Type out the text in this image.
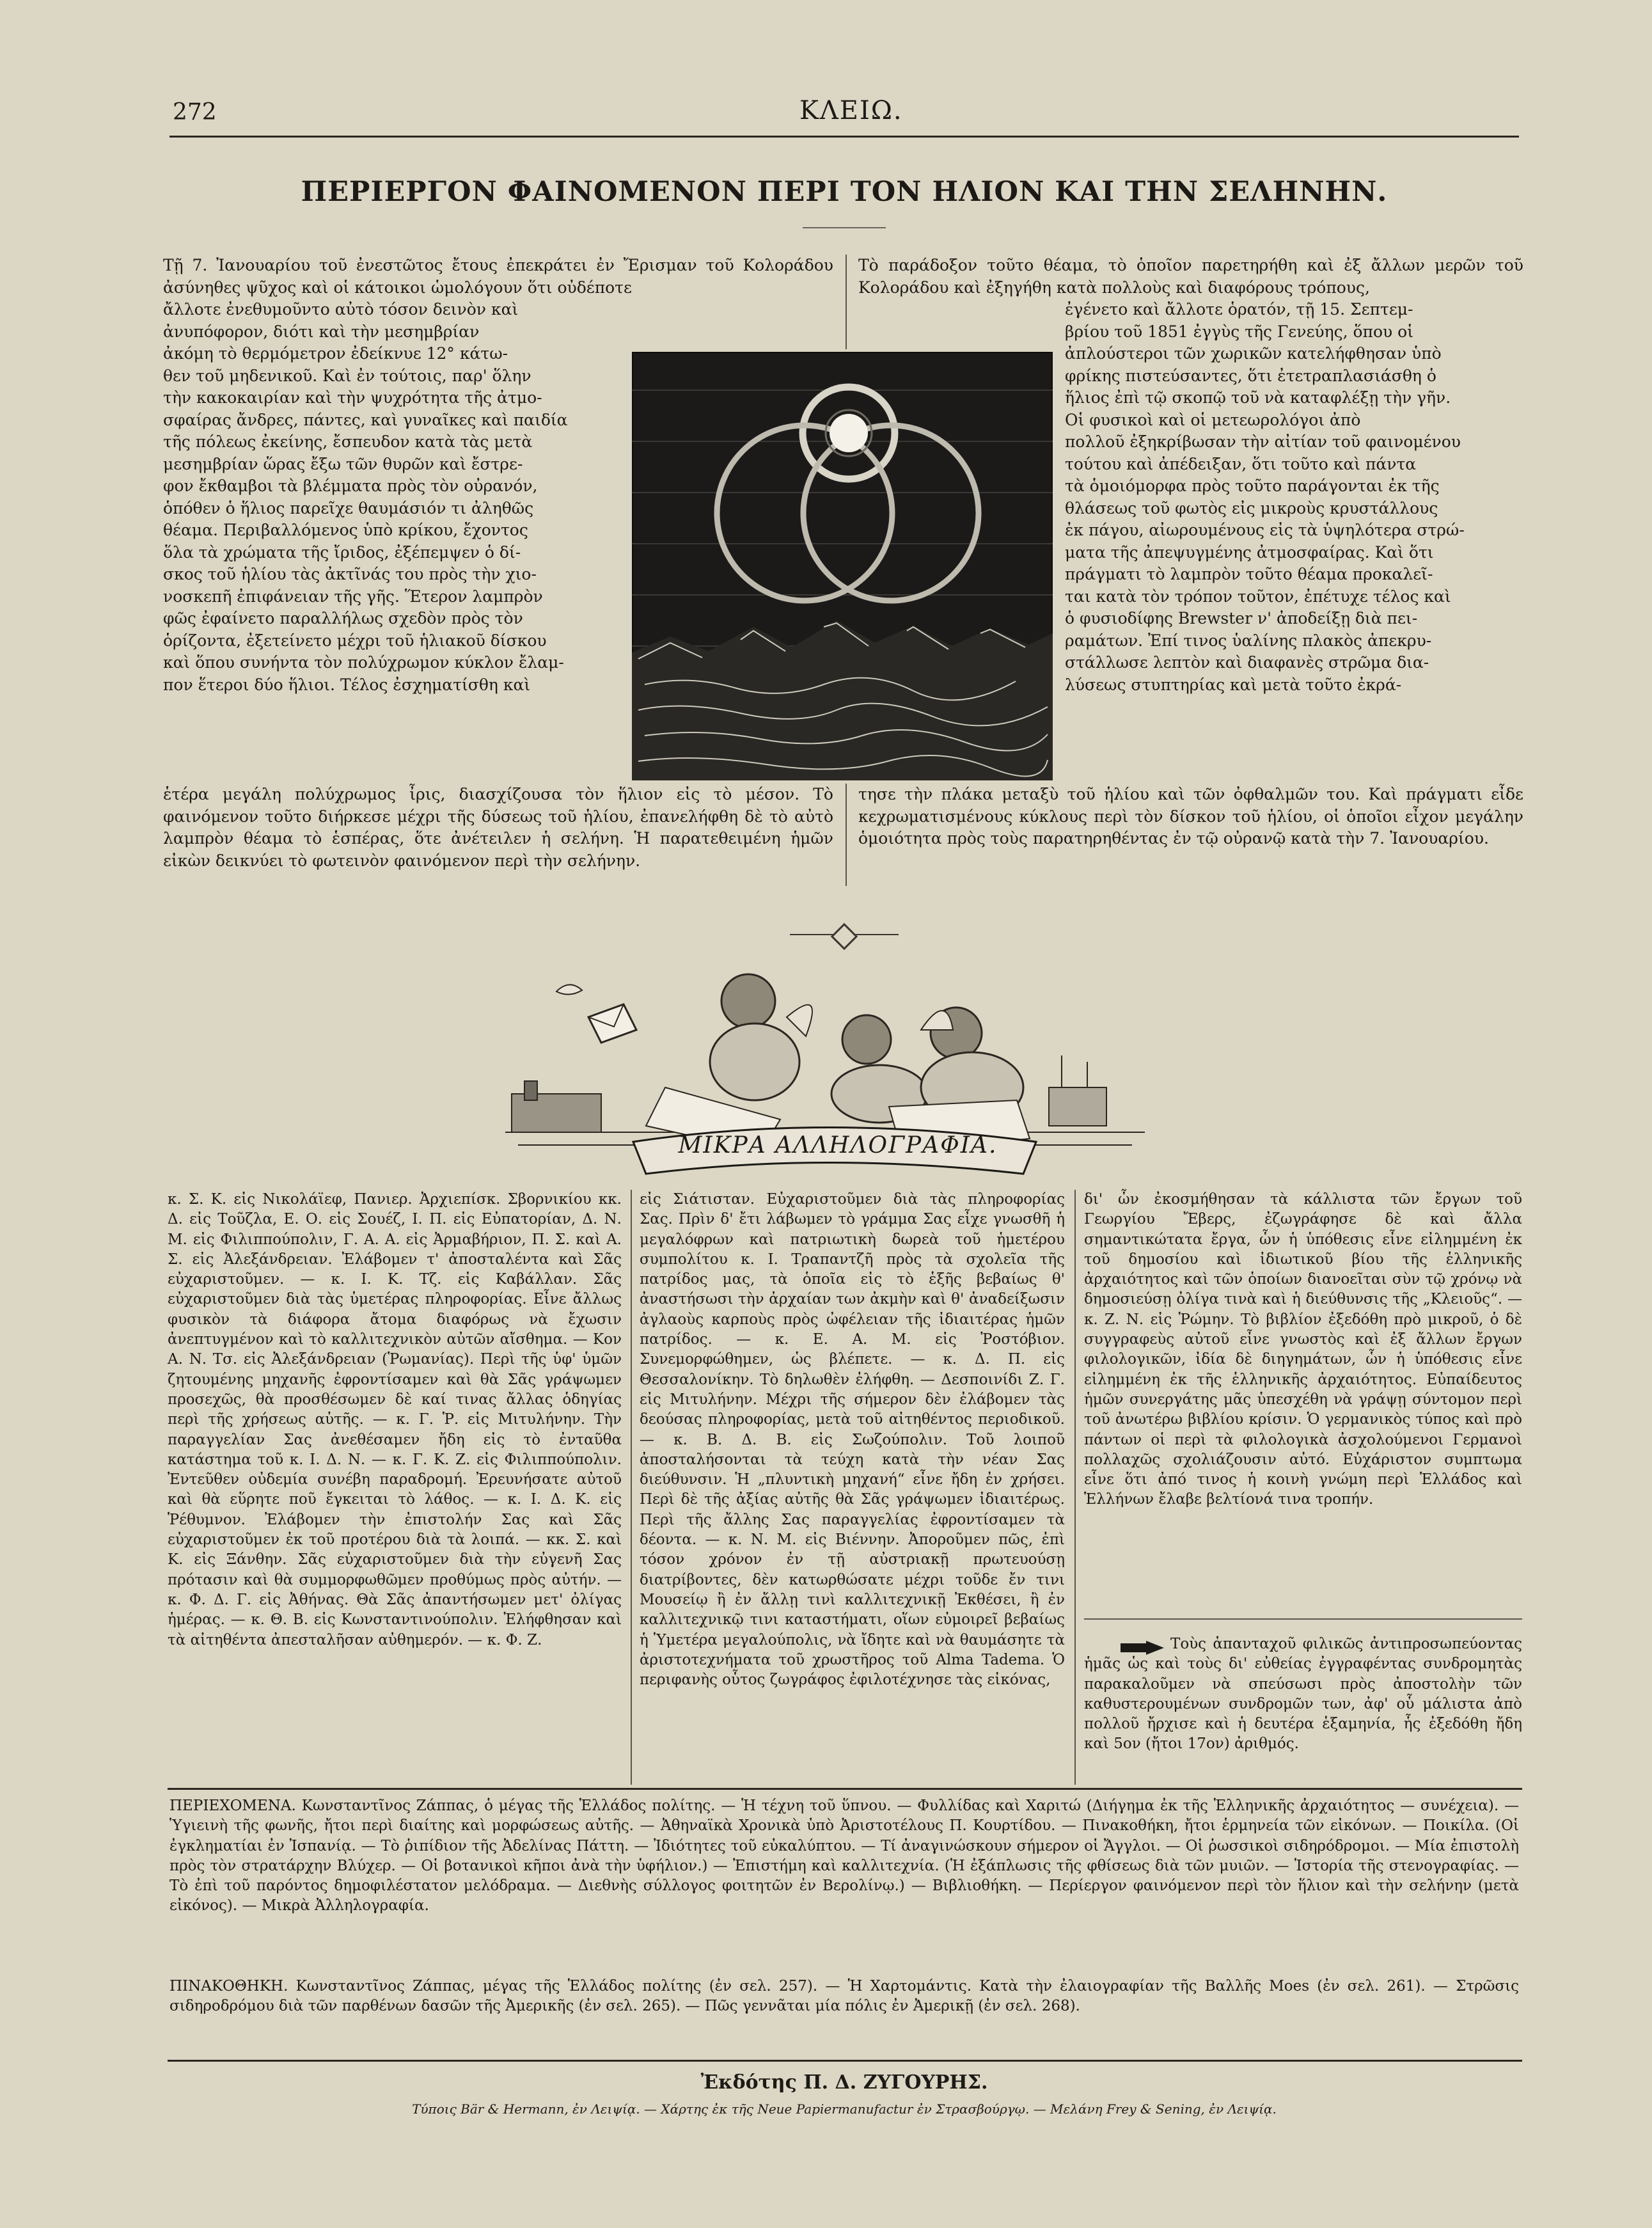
272	ΚΛΕΙΩ.
ΠΕΡΙΕΡΓΟΝ ΦΑΙΝΟΜΕΝΟΝ ΠΕΡΙ ΤΟΝ ΗΛΙΟΝ ΚΑΙ ΤΗΝ ΣΕΛΗΝΗΝ.
Τῇ 7. Ἰανουαρίου τοῦ ἐνεστῶτος ἔτους ἐπεκράτει ἐν Ἔρισμαν τοῦ Κολοράδου ἀσύνηθες ψῦχος καὶ οἱ κάτοικοι ὡμολόγουν ὅτι οὐδέποτε
ἄλλοτε ἐνεθυμοῦντο αὐτὸ τόσον δεινὸν καὶ
ἀνυπόφορον, διότι καὶ τὴν μεσημβρίαν
ἀκόμη τὸ θερμόμετρον ἐδείκνυε 12° κάτω-
θεν τοῦ μηδενικοῦ. Καὶ ἐν τούτοις, παρ' ὅλην
τὴν κακοκαιρίαν καὶ τὴν ψυχρότητα τῆς ἀτμο-
σφαίρας ἄνδρες, πάντες, καὶ γυναῖκες καὶ παιδία
τῆς πόλεως ἐκείνης, ἔσπευδον κατὰ τὰς μετὰ
μεσημβρίαν ὥρας ἔξω τῶν θυρῶν καὶ ἔστρε-
φον ἔκθαμβοι τὰ βλέμματα πρὸς τὸν οὐρανόν,
ὁπόθεν ὁ ἥλιος παρεῖχε θαυμάσιόν τι ἀληθῶς
θέαμα. Περιβαλλόμενος ὑπὸ κρίκου, ἔχοντος
ὅλα τὰ χρώματα τῆς ἴριδος, ἐξέπεμψεν ὁ δί-
σκος τοῦ ἡλίου τὰς ἀκτῖνάς του πρὸς τὴν χιο-
νοσκεπῆ ἐπιφάνειαν τῆς γῆς. Ἕτερον λαμπρὸν
φῶς ἐφαίνετο παραλλήλως σχεδὸν πρὸς τὸν
ὁρίζοντα, ἐξετείνετο μέχρι τοῦ ἡλιακοῦ δίσκου
καὶ ὅπου συνήντα τὸν πολύχρωμον κύκλον ἔλαμ-
πον ἕτεροι δύο ἥλιοι. Τέλος ἐσχηματίσθη καὶ
ἑτέρα μεγάλη πολύχρωμος ἶρις, διασχίζουσα τὸν ἥλιον εἰς τὸ μέσον. Τὸ φαινόμενον τοῦτο διήρκεσε μέχρι τῆς δύσεως τοῦ ἡλίου, ἐπανελήφθη δὲ τὸ αὐτὸ λαμπρὸν θέαμα τὸ ἑσπέρας, ὅτε ἀνέτειλεν ἡ σελήνη. Ἡ παρατεθειμένη ἡμῶν εἰκὼν δεικνύει τὸ φωτεινὸν φαινόμενον περὶ τὴν σελήνην.
Τὸ παράδοξον τοῦτο θέαμα, τὸ ὁποῖον παρετηρήθη καὶ ἐξ ἄλλων μερῶν τοῦ Κολοράδου καὶ ἐξηγήθη κατὰ πολλοὺς καὶ διαφόρους τρόπους,
ἐγένετο καὶ ἄλλοτε ὁρατόν, τῇ 15. Σεπτεμ-
βρίου τοῦ 1851 ἐγγὺς τῆς Γενεύης, ὅπου οἱ
ἀπλούστεροι τῶν χωρικῶν κατελήφθησαν ὑπὸ
φρίκης πιστεύσαντες, ὅτι ἐτετραπλασιάσθη ὁ
ἥλιος ἐπὶ τῷ σκοπῷ τοῦ νὰ καταφλέξῃ τὴν γῆν.
Οἱ φυσικοὶ καὶ οἱ μετεωρολόγοι ἀπὸ
πολλοῦ ἐξηκρίβωσαν τὴν αἰτίαν τοῦ φαινομένου
τούτου καὶ ἀπέδειξαν, ὅτι τοῦτο καὶ πάντα
τὰ ὁμοιόμορφα πρὸς τοῦτο παράγονται ἐκ τῆς
θλάσεως τοῦ φωτὸς εἰς μικροὺς κρυστάλλους
ἐκ πάγου, αἰωρουμένους εἰς τὰ ὑψηλότερα στρώ-
ματα τῆς ἀπεψυγμένης ἀτμοσφαίρας. Καὶ ὅτι
πράγματι τὸ λαμπρὸν τοῦτο θέαμα προκαλεῖ-
ται κατὰ τὸν τρόπον τοῦτον, ἐπέτυχε τέλος καὶ
ὁ φυσιοδίφης Brewster ν' ἀποδείξῃ διὰ πει-
ραμάτων. Ἐπί τινος ὑαλίνης πλακὸς ἀπεκρυ-
στάλλωσε λεπτὸν καὶ διαφανὲς στρῶμα δια-
λύσεως στυπτηρίας καὶ μετὰ τοῦτο ἐκρά-
τησε τὴν πλάκα μεταξὺ τοῦ ἡλίου καὶ τῶν ὀφθαλμῶν του. Καὶ πράγματι εἶδε κεχρωματισμένους κύκλους περὶ τὸν δίσκον τοῦ ἡλίου, οἱ ὁποῖοι εἶχον μεγάλην ὁμοιότητα πρὸς τοὺς παρατηρηθέντας ἐν τῷ οὐρανῷ κατὰ τὴν 7. Ἰανουαρίου.
ΜΙΚΡΑ ΑΛΛΗΛΟΓΡΑΦΙΑ.
κ. Σ. Κ. εἰς Νικολάϊεφ, Πανιερ. Ἀρχιεπίσκ. Σβορνικίου κκ. Δ. εἰς Τοῦζλα, Ε. Ο. εἰς Σουέζ, Ι. Π. εἰς Εὐπατορίαν, Δ. Ν. Μ. εἰς Φιλιππούπολιν, Γ. Α. Α. εἰς Ἀρμαβήριον, Π. Σ. καὶ Α. Σ. εἰς Ἀλεξάνδρειαν. Ἐλάβομεν τ' ἀποσταλέντα καὶ Σᾶς εὐχαριστοῦμεν. — κ. Ι. Κ. Τζ. εἰς Καβάλλαν. Σᾶς εὐχαριστοῦμεν διὰ τὰς ὑμετέρας πληροφορίας. Εἶνε ἄλλως φυσικὸν τὰ διάφορα ἄτομα διαφόρως νὰ ἔχωσιν ἀνεπτυγμένον καὶ τὸ καλλιτεχνικὸν αὐτῶν αἴσθημα. — Κον Α. Ν. Τσ. εἰς Ἀλεξάνδρειαν (Ῥωμανίας). Περὶ τῆς ὑφ' ὑμῶν ζητουμένης μηχανῆς ἐφροντίσαμεν καὶ θὰ Σᾶς γράψωμεν προσεχῶς, θὰ προσθέσωμεν δὲ καί τινας ἄλλας ὁδηγίας περὶ τῆς χρήσεως αὐτῆς. — κ. Γ. Ῥ. εἰς Μιτυλήνην. Τὴν παραγγελίαν Σας ἀνεθέσαμεν ἤδη εἰς τὸ ἐνταῦθα κατάστημα τοῦ κ. Ι. Δ. Ν. — κ. Γ. Κ. Ζ. εἰς Φιλιππούπολιν. Ἐντεῦθεν οὐδεμία συνέβη παραδρομή. Ἐρευνήσατε αὐτοῦ καὶ θὰ εὕρητε ποῦ ἔγκειται τὸ λάθος. — κ. Ι. Δ. Κ. εἰς Ῥέθυμνον. Ἐλάβομεν τὴν ἐπιστολήν Σας καὶ Σᾶς εὐχαριστοῦμεν ἐκ τοῦ προτέρου διὰ τὰ λοιπά. — κκ. Σ. καὶ Κ. εἰς Ξάνθην. Σᾶς εὐχαριστοῦμεν διὰ τὴν εὐγενῆ Σας πρότασιν καὶ θὰ συμμορφωθῶμεν προθύμως πρὸς αὐτήν. — κ. Φ. Δ. Γ. εἰς Ἀθήνας. Θὰ Σᾶς ἀπαντήσωμεν μετ' ὀλίγας ἡμέρας. — κ. Θ. Β. εἰς Κωνσταντινούπολιν. Ἐλήφθησαν καὶ τὰ αἰτηθέντα ἀπεσταλῆσαν αὐθημερόν. — κ. Φ. Ζ.
εἰς Σιάτισταν. Εὐχαριστοῦμεν διὰ τὰς πληροφορίας Σας. Πρὶν δ' ἔτι λάβωμεν τὸ γράμμα Σας εἶχε γνωσθῆ ἡ μεγαλόφρων καὶ πατριωτικὴ δωρεὰ τοῦ ἡμετέρου συμπολίτου κ. Ι. Τραπαντζῆ πρὸς τὰ σχολεῖα τῆς πατρίδος μας, τὰ ὁποῖα εἰς τὸ ἑξῆς βεβαίως θ' ἀναστήσωσι τὴν ἀρχαίαν των ἀκμὴν καὶ θ' ἀναδείξωσιν ἀγλαοὺς καρποὺς πρὸς ὠφέλειαν τῆς ἰδιαιτέρας ἡμῶν πατρίδος. — κ. Ε. Α. Μ. εἰς Ῥοστόβιον. Συνεμορφώθημεν, ὡς βλέπετε. — κ. Δ. Π. εἰς Θεσσαλονίκην. Τὸ δηλωθὲν ἐλήφθη. — Δεσποινίδι Ζ. Γ. εἰς Μιτυλήνην. Μέχρι τῆς σήμερον δὲν ἐλάβομεν τὰς δεούσας πληροφορίας, μετὰ τοῦ αἰτηθέντος περιοδικοῦ. — κ. Β. Δ. Β. εἰς Σωζούπολιν. Τοῦ λοιποῦ ἀποσταλήσονται τὰ τεύχη κατὰ τὴν νέαν Σας διεύθυνσιν. Ἡ „πλυντικὴ μηχανή“ εἶνε ἤδη ἐν χρήσει. Περὶ δὲ τῆς ἀξίας αὐτῆς θὰ Σᾶς γράψωμεν ἰδιαιτέρως. Περὶ τῆς ἄλλης Σας παραγγελίας ἐφροντίσαμεν τὰ δέοντα. — κ. Ν. Μ. εἰς Βιέννην. Ἀποροῦμεν πῶς, ἐπὶ τόσον χρόνον ἐν τῇ αὐστριακῇ πρωτευούσῃ διατρίβοντες, δὲν κατωρθώσατε μέχρι τοῦδε ἔν τινι Μουσείῳ ἢ ἐν ἄλλῃ τινὶ καλλιτεχνικῇ Ἐκθέσει, ἢ ἐν καλλιτεχνικῷ τινι καταστήματι, οἵων εὐμοιρεῖ βεβαίως ἡ Ὑμετέρα μεγαλούπολις, νὰ ἴδητε καὶ νὰ θαυμάσητε τὰ ἀριστοτεχνήματα τοῦ χρωστῆρος τοῦ Alma Tadema. Ὁ περιφανὴς οὗτος ζωγράφος ἐφιλοτέχνησε τὰς εἰκόνας,
δι' ὧν ἐκοσμήθησαν τὰ κάλλιστα τῶν ἔργων τοῦ Γεωργίου Ἔβερς, ἐζωγράφησε δὲ καὶ ἄλλα σημαντικώτατα ἔργα, ὧν ἡ ὑπόθεσις εἶνε εἰλημμένη ἐκ τοῦ δημοσίου καὶ ἰδιωτικοῦ βίου τῆς ἑλληνικῆς ἀρχαιότητος καὶ τῶν ὁποίων διανοεῖται σὺν τῷ χρόνῳ νὰ δημοσιεύσῃ ὀλίγα τινὰ καὶ ἡ διεύθυνσις τῆς „Κλειοῦς“. — κ. Ζ. Ν. εἰς Ῥώμην. Τὸ βιβλίον ἐξεδόθη πρὸ μικροῦ, ὁ δὲ συγγραφεὺς αὐτοῦ εἶνε γνωστὸς καὶ ἐξ ἄλλων ἔργων φιλολογικῶν, ἰδία δὲ διηγημάτων, ὧν ἡ ὑπόθεσις εἶνε εἰλημμένη ἐκ τῆς ἑλληνικῆς ἀρχαιότητος. Εὐπαίδευτος ἡμῶν συνεργάτης μᾶς ὑπεσχέθη νὰ γράψῃ σύντομον περὶ τοῦ ἀνωτέρω βιβλίου κρίσιν. Ὁ γερμανικὸς τύπος καὶ πρὸ πάντων οἱ περὶ τὰ φιλολογικὰ ἀσχολούμενοι Γερμανοὶ πολλαχῶς σχολιάζουσιν αὐτό. Εὐχάριστον συμπτωμα εἶνε ὅτι ἀπό τινος ἡ κοινὴ γνώμη περὶ Ἑλλάδος καὶ Ἑλλήνων ἔλαβε βελτίονά τινα τροπήν.
Τοὺς ἁπανταχοῦ φιλικῶς ἀντιπροσωπεύοντας ἡμᾶς ὡς καὶ τοὺς δι' εὐθείας ἐγγραφέντας συνδρομητὰς παρακαλοῦμεν νὰ σπεύσωσι πρὸς ἀποστολὴν τῶν καθυστερουμένων συνδρομῶν των, ἀφ' οὗ μάλιστα ἀπὸ πολλοῦ ἤρχισε καὶ ἡ δευτέρα ἑξαμηνία, ἧς ἐξεδόθη ἤδη καὶ 5ον (ἤτοι 17ον) ἀριθμός.
ΠΕΡΙΕΧΟΜΕΝΑ. Κωνσταντῖνος Ζάππας, ὁ μέγας τῆς Ἑλλάδος πολίτης. — Ἡ τέχνη τοῦ ὕπνου. — Φυλλίδας καὶ Χαριτώ (Διήγημα ἐκ τῆς Ἑλληνικῆς ἀρχαιότητος — συνέχεια). — Ὑγιεινὴ τῆς φωνῆς, ἤτοι περὶ διαίτης καὶ μορφώσεως αὐτῆς. — Ἀθηναϊκὰ Χρονικὰ ὑπὸ Ἀριστοτέλους Π. Κουρτίδου. — Πινακοθήκη, ἤτοι ἑρμηνεία τῶν εἰκόνων. — Ποικίλα. (Οἱ ἐγκληματίαι ἐν Ἰσπανίᾳ. — Τὸ ῥιπίδιον τῆς Ἀδελίνας Πάττη. — Ἰδιότητες τοῦ εὐκαλύπτου. — Τί ἀναγινώσκουν σήμερον οἱ Ἄγγλοι. — Οἱ ῥωσσικοὶ σιδηρόδρομοι. — Μία ἐπιστολὴ πρὸς τὸν στρατάρχην Βλύχερ. — Οἱ βοτανικοὶ κῆποι ἀνὰ τὴν ὑφήλιον.) — Ἐπιστήμη καὶ καλλιτεχνία. (Ἡ ἐξάπλωσις τῆς φθίσεως διὰ τῶν μυιῶν. — Ἱστορία τῆς στενογραφίας. — Τὸ ἐπὶ τοῦ παρόντος δημοφιλέστατον μελόδραμα. — Διεθνὴς σύλλογος φοιτητῶν ἐν Βερολίνῳ.) — Βιβλιοθήκη. — Περίεργον φαινόμενον περὶ τὸν ἥλιον καὶ τὴν σελήνην (μετὰ εἰκόνος). — Μικρὰ Ἀλληλογραφία.
ΠΙΝΑΚΟΘΗΚΗ. Κωνσταντῖνος Ζάππας, μέγας τῆς Ἑλλάδος πολίτης (ἐν σελ. 257). — Ἡ Χαρτομάντις. Κατὰ τὴν ἐλαιογραφίαν τῆς Βαλλῆς Moes (ἐν σελ. 261). — Στρῶσις σιδηροδρόμου διὰ τῶν παρθένων δασῶν τῆς Ἀμερικῆς (ἐν σελ. 265). — Πῶς γεννᾶται μία πόλις ἐν Ἀμερικῇ (ἐν σελ. 268).
Ἐκδότης Π. Δ. ΖΥΓΟΥΡΗΣ.
Τύποις Bär & Hermann, ἐν Λειψίᾳ. — Χάρτης ἐκ τῆς Neue Papiermanufactur ἐν Στρασβούργῳ. — Μελάνη Frey & Sening, ἐν Λειψίᾳ.
